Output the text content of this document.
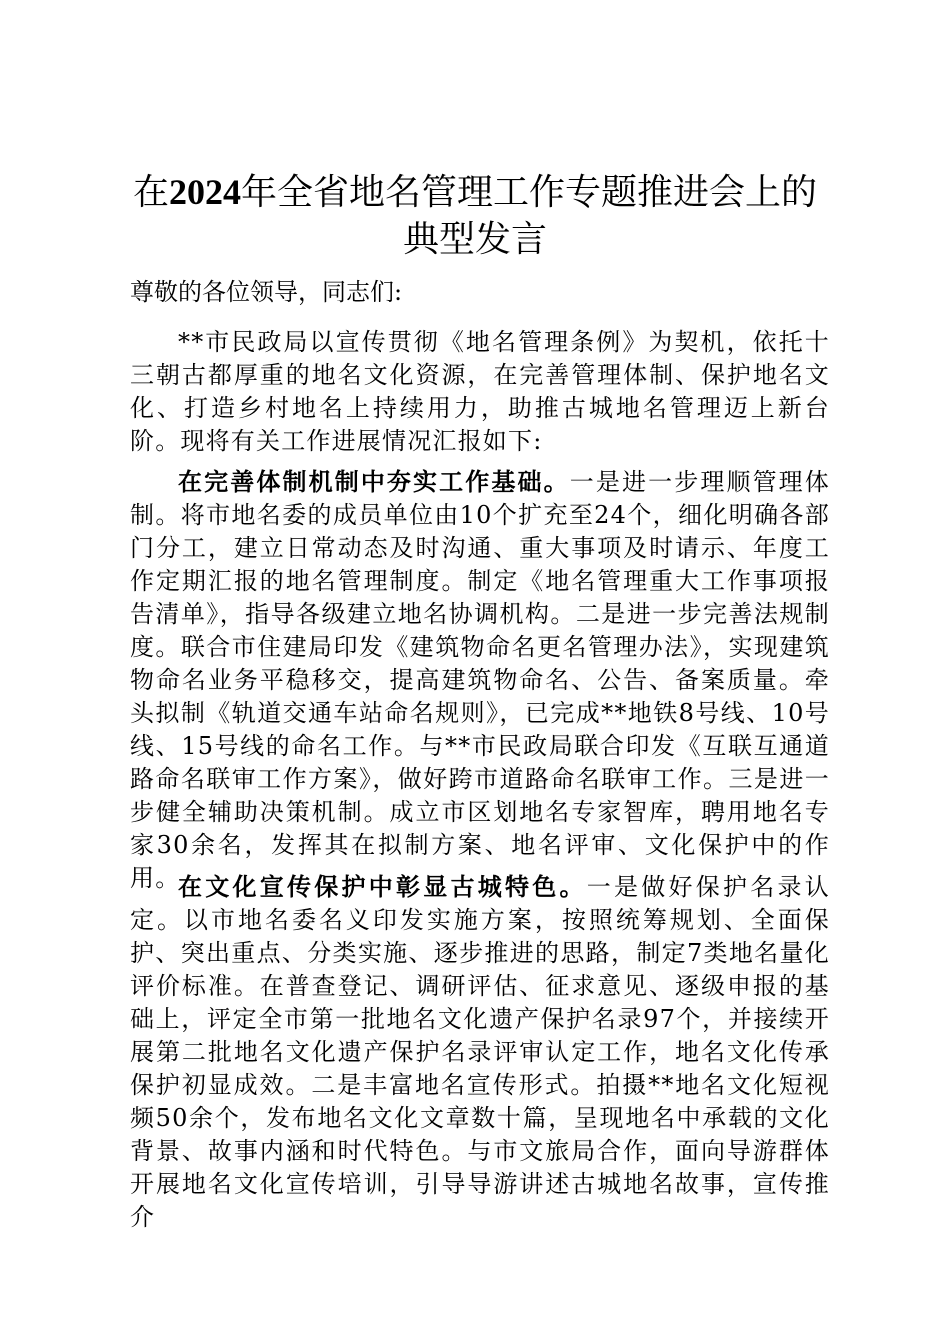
在2024年全省地名管理工作专题推进会上的
典型发言

尊敬的各位领导，同志们:

**市民政局以宣传贯彻《地名管理条例》为契机，依托十三朝古都厚重的地名文化资源，在完善管理体制、保护地名文化、打造乡村地名上持续用力，助推古城地名管理迈上新台阶。现将有关工作进展情况汇报如下:

在完善体制机制中夯实工作基础。一是进一步理顺管理体制。将市地名委的成员单位由10个扩充至24个，细化明确各部门分工，建立日常动态及时沟通、重大事项及时请示、年度工作定期汇报的地名管理制度。制定《地名管理重大工作事项报告清单》，指导各级建立地名协调机构。二是进一步完善法规制度。联合市住建局印发《建筑物命名更名管理办法》，实现建筑物命名业务平稳移交，提高建筑物命名、公告、备案质量。牵头拟制《轨道交通车站命名规则》，已完成**地铁8号线、10号线、15号线的命名工作。与**市民政局联合印发《互联互通道路命名联审工作方案》，做好跨市道路命名联审工作。三是进一步健全辅助决策机制。成立市区划地名专家智库，聘用地名专家30余名，发挥其在拟制方案、地名评审、文化保护中的作用。

在文化宣传保护中彰显古城特色。一是做好保护名录认定。以市地名委名义印发实施方案，按照统筹规划、全面保护、突出重点、分类实施、逐步推进的思路，制定7类地名量化评价标准。在普查登记、调研评估、征求意见、逐级申报的基础上，评定全市第一批地名文化遗产保护名录97个，并接续开展第二批地名文化遗产保护名录评审认定工作，地名文化传承保护初显成效。二是丰富地名宣传形式。拍摄**地名文化短视频50余个，发布地名文化文章数十篇，呈现地名中承载的文化背景、故事内涵和时代特色。与市文旅局合作，面向导游群体开展地名文化宣传培训，引导导游讲述古城地名故事，宣传推介
